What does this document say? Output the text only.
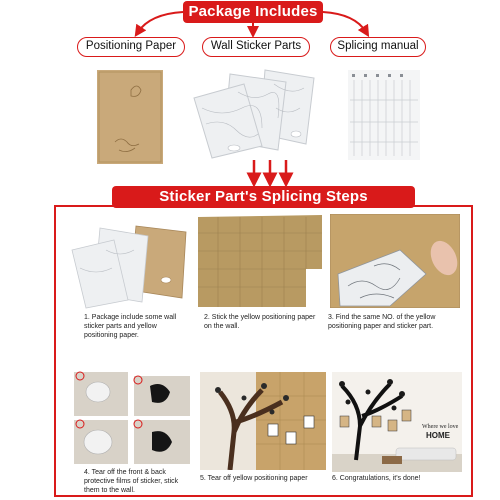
Package Includes
Positioning Paper	Wall Sticker Parts	Splicing manual
Sticker Part's Splicing Steps
1. Package include some wall sticker parts and yellow positioning paper.
2. Stick the yellow positioning paper on the wall.
3. Find the same NO. of the yellow positioning paper and sticker part.
4. Tear off the front & back protective films of sticker, stick them to the wall.
5. Tear off yellow positioning paper
Where we love
HOME
6. Congratulations, it's done!
